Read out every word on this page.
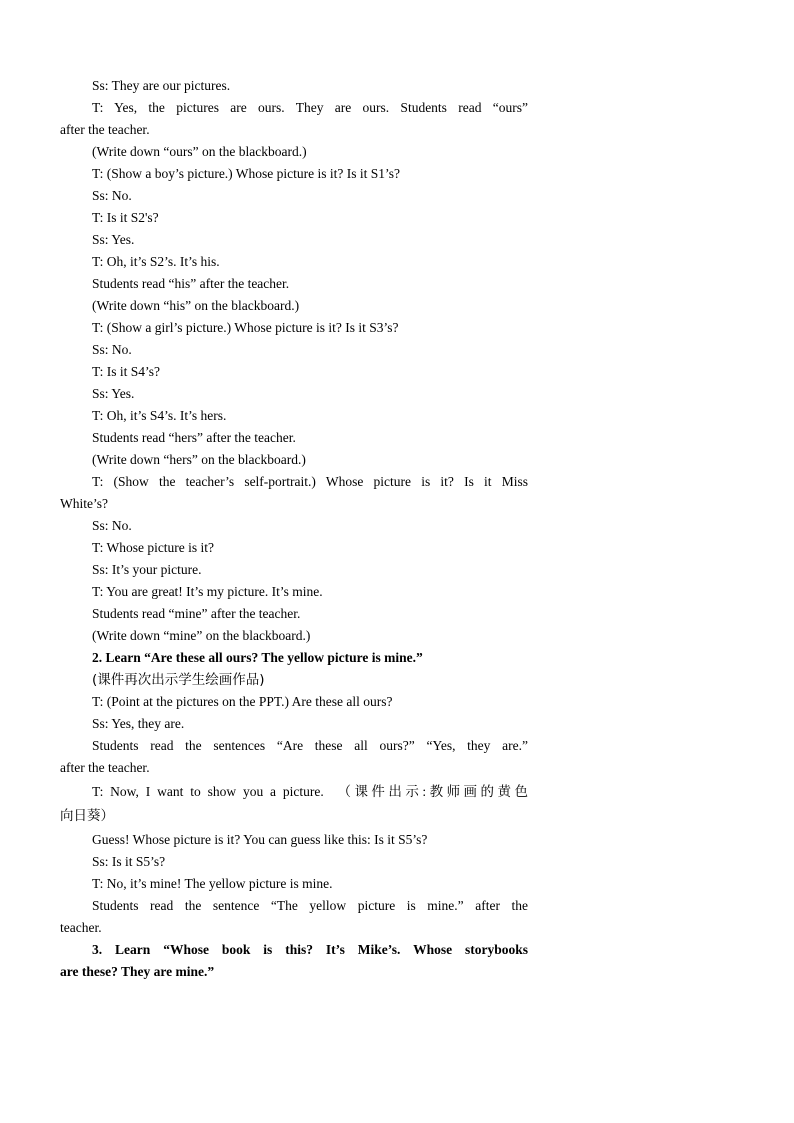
Ss: They are our pictures.
T: Yes, the pictures are ours. They are ours. Students read “ours”
after the teacher.
(Write down “ours” on the blackboard.)
T: (Show a boy’s picture.) Whose picture is it? Is it S1’s?
Ss: No.
T: Is it S2's?
Ss: Yes.
T: Oh, it’s S2’s. It’s his.
Students read “his” after the teacher.
(Write down “his” on the blackboard.)
T: (Show a girl’s picture.) Whose picture is it? Is it S3’s?
Ss: No.
T: Is it S4’s?
Ss: Yes.
T: Oh, it’s S4’s. It’s hers.
Students read “hers” after the teacher.
(Write down “hers” on the blackboard.)
T: (Show the teacher’s self-portrait.) Whose picture is it? Is it Miss
White’s?
Ss: No.
T: Whose picture is it?
Ss: It’s your picture.
T: You are great! It’s my picture. It’s mine.
Students read “mine” after the teacher.
(Write down “mine” on the blackboard.)
2. Learn “Are these all ours? The yellow picture is mine.”
(课件再次出示学生绘画作品)
T: (Point at the pictures on the PPT.) Are these all ours?
Ss: Yes, they are.
Students read the sentences “Are these all ours?” “Yes, they are.”
after the teacher.
T: Now, I want to show you a picture.　（课件出示:教师画的黄色
向日葵）
Guess! Whose picture is it? You can guess like this: Is it S5’s?
Ss: Is it S5’s?
T: No, it’s mine! The yellow picture is mine.
Students read the sentence “The yellow picture is mine.” after the
teacher.
3. Learn “Whose book is this? It’s Mike’s. Whose storybooks
are these? They are mine.”
